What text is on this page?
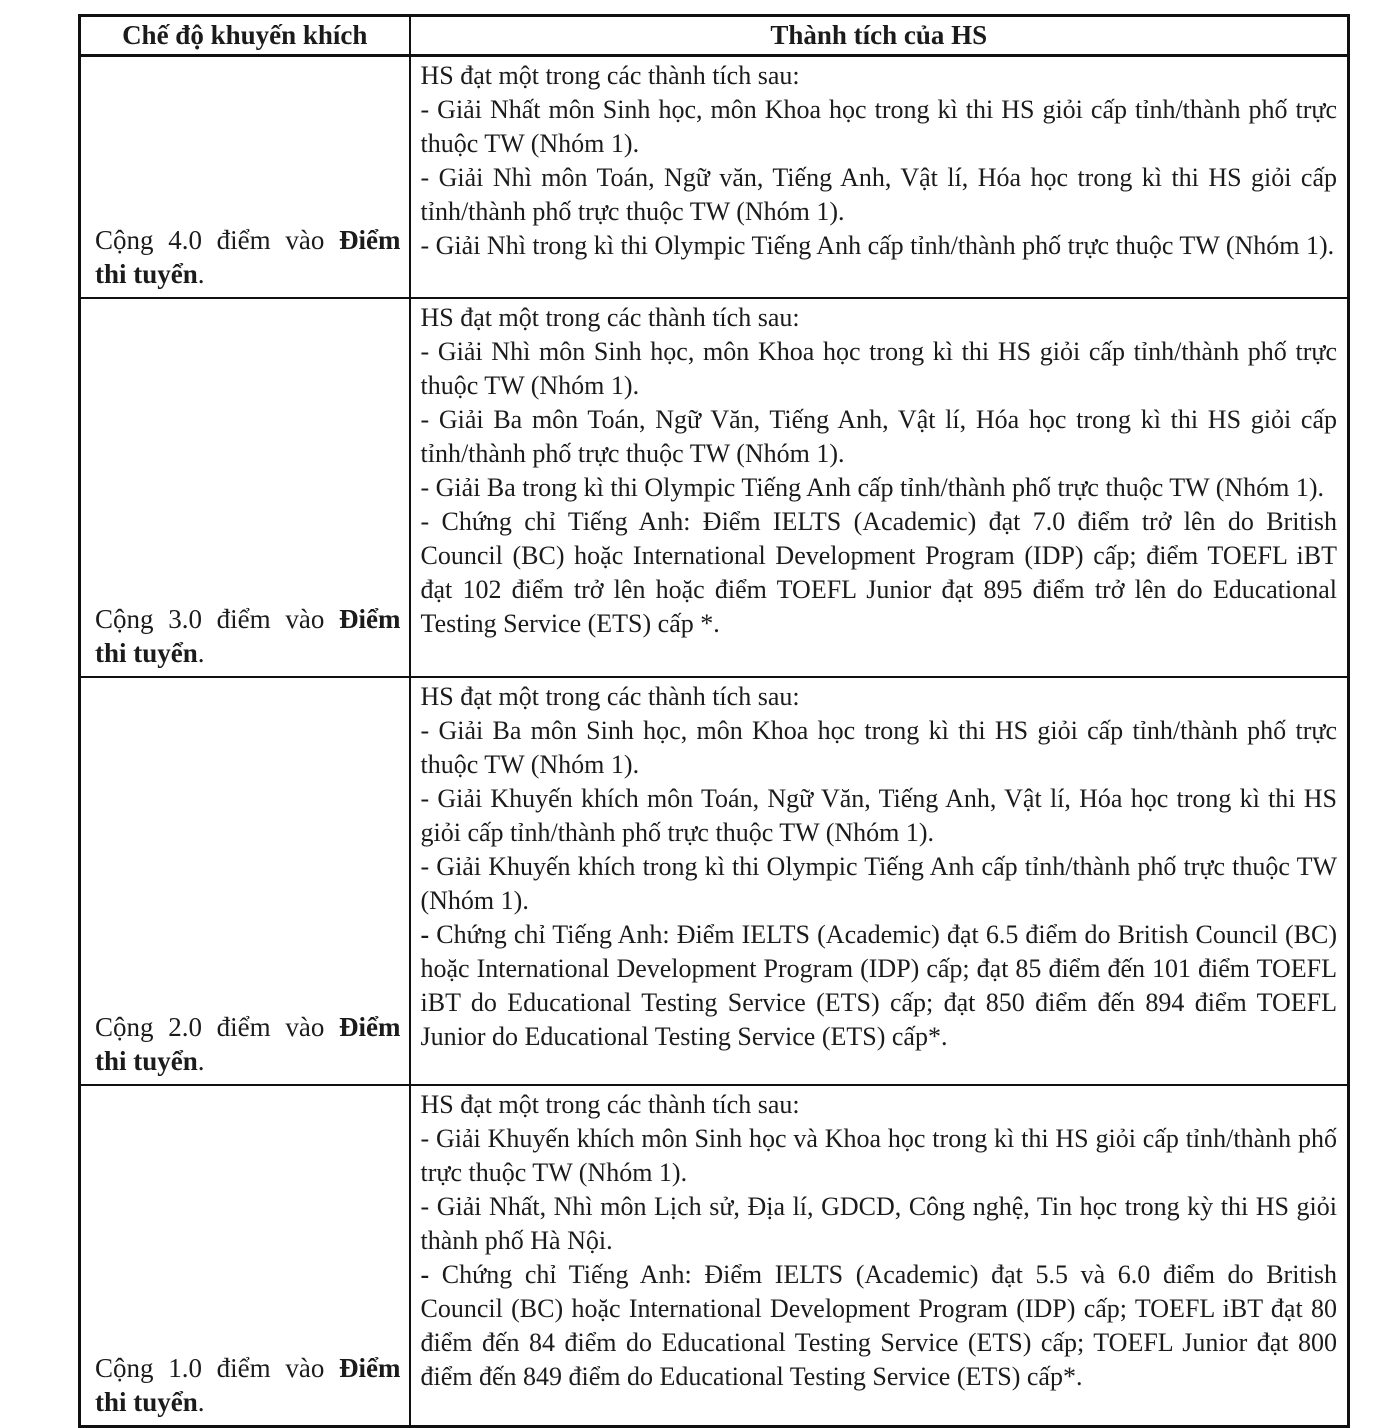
Chế độ khuyến khích	Thành tích của HS

Cộng 4.0 điểm vào Điểm thi tuyển.	HS đạt một trong các thành tích sau:

- Giải Nhất môn Sinh học, môn Khoa học trong kì thi HS giỏi cấp tỉnh/thành phố trực thuộc TW (Nhóm 1).

- Giải Nhì môn Toán, Ngữ văn, Tiếng Anh, Vật lí, Hóa học trong kì thi HS giỏi cấp tỉnh/thành phố trực thuộc TW (Nhóm 1).

- Giải Nhì trong kì thi Olympic Tiếng Anh cấp tỉnh/thành phố trực thuộc TW (Nhóm 1).

Cộng 3.0 điểm vào Điểm thi tuyển.	HS đạt một trong các thành tích sau:

- Giải Nhì môn Sinh học, môn Khoa học trong kì thi HS giỏi cấp tỉnh/thành phố trực thuộc TW (Nhóm 1).

- Giải Ba môn Toán, Ngữ Văn, Tiếng Anh, Vật lí, Hóa học trong kì thi HS giỏi cấp tỉnh/thành phố trực thuộc TW (Nhóm 1).

- Giải Ba trong kì thi Olympic Tiếng Anh cấp tỉnh/thành phố trực thuộc TW (Nhóm 1).

- Chứng chỉ Tiếng Anh: Điểm IELTS (Academic) đạt 7.0 điểm trở lên do British Council (BC) hoặc International Development Program (IDP) cấp; điểm TOEFL iBT đạt 102 điểm trở lên hoặc điểm TOEFL Junior đạt 895 điểm trở lên do Educational Testing Service (ETS) cấp *.

Cộng 2.0 điểm vào Điểm thi tuyển.	HS đạt một trong các thành tích sau:

- Giải Ba môn Sinh học, môn Khoa học trong kì thi HS giỏi cấp tỉnh/thành phố trực thuộc TW (Nhóm 1).

- Giải Khuyến khích môn Toán, Ngữ Văn, Tiếng Anh, Vật lí, Hóa học trong kì thi HS giỏi cấp tỉnh/thành phố trực thuộc TW (Nhóm 1).

- Giải Khuyến khích trong kì thi Olympic Tiếng Anh cấp tỉnh/thành phố trực thuộc TW (Nhóm 1).

- Chứng chỉ Tiếng Anh: Điểm IELTS (Academic) đạt 6.5 điểm do British Council (BC) hoặc International Development Program (IDP) cấp; đạt 85 điểm đến 101 điểm TOEFL iBT do Educational Testing Service (ETS) cấp; đạt 850 điểm đến 894 điểm TOEFL Junior do Educational Testing Service (ETS) cấp*.

Cộng 1.0 điểm vào Điểm thi tuyển.	HS đạt một trong các thành tích sau:

- Giải Khuyến khích môn Sinh học và Khoa học trong kì thi HS giỏi cấp tỉnh/thành phố trực thuộc TW (Nhóm 1).

- Giải Nhất, Nhì môn Lịch sử, Địa lí, GDCD, Công nghệ, Tin học trong kỳ thi HS giỏi thành phố Hà Nội.

- Chứng chỉ Tiếng Anh: Điểm IELTS (Academic) đạt 5.5 và 6.0 điểm do British Council (BC) hoặc International Development Program (IDP) cấp; TOEFL iBT đạt 80 điểm đến 84 điểm do Educational Testing Service (ETS) cấp; TOEFL Junior đạt 800 điểm đến 849 điểm do Educational Testing Service (ETS) cấp*.
